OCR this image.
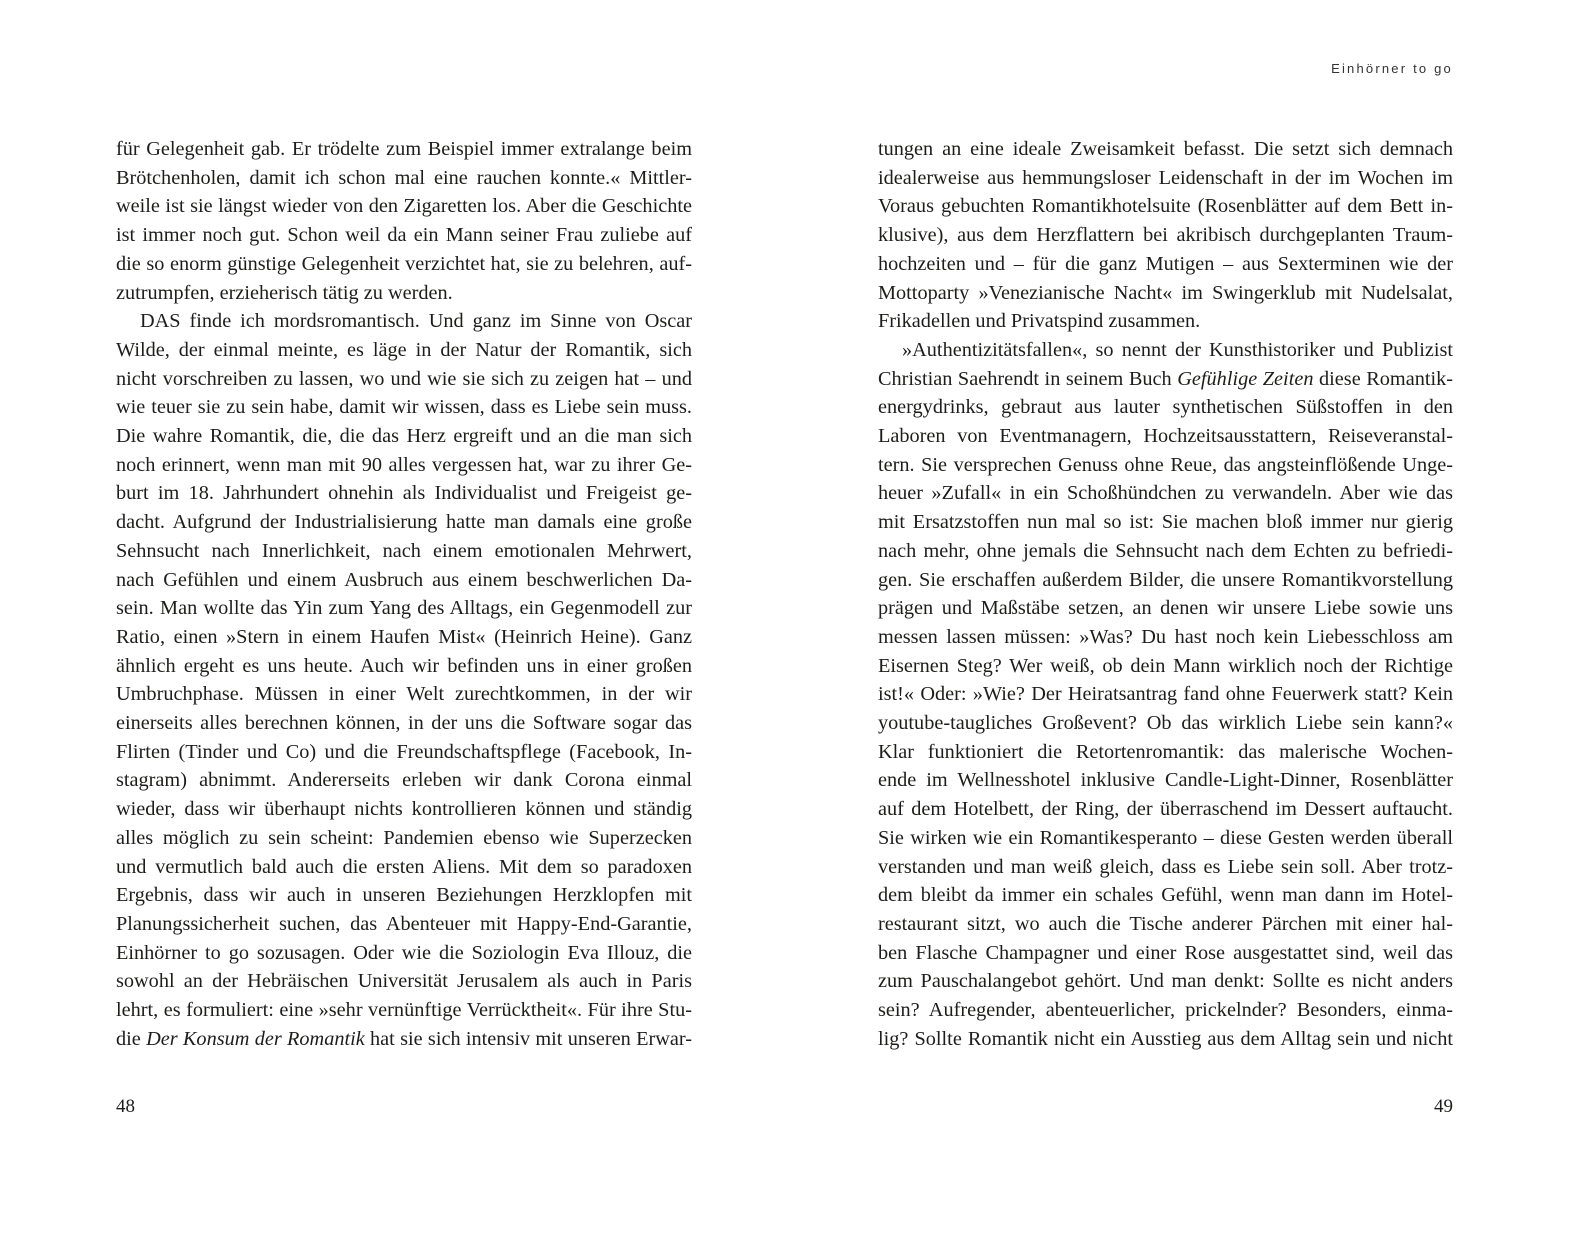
Einhörner to go
für Gelegenheit gab. Er trödelte zum Beispiel immer extralange beim
Brötchenholen, damit ich schon mal eine rauchen konnte.« Mittler-
weile ist sie längst wieder von den Zigaretten los. Aber die Geschichte
ist immer noch gut. Schon weil da ein Mann seiner Frau zuliebe auf
die so enorm günstige Gelegenheit verzichtet hat, sie zu belehren, auf-
zutrumpfen, erzieherisch tätig zu werden.
DAS finde ich mordsromantisch. Und ganz im Sinne von Oscar
Wilde, der einmal meinte, es läge in der Natur der Romantik, sich
nicht vorschreiben zu lassen, wo und wie sie sich zu zeigen hat – und
wie teuer sie zu sein habe, damit wir wissen, dass es Liebe sein muss.
Die wahre Romantik, die, die das Herz ergreift und an die man sich
noch erinnert, wenn man mit 90 alles vergessen hat, war zu ihrer Ge-
burt im 18. Jahrhundert ohnehin als Individualist und Freigeist ge-
dacht. Aufgrund der Industrialisierung hatte man damals eine große
Sehnsucht nach Innerlichkeit, nach einem emotionalen Mehrwert,
nach Gefühlen und einem Ausbruch aus einem beschwerlichen Da-
sein. Man wollte das Yin zum Yang des Alltags, ein Gegenmodell zur
Ratio, einen »Stern in einem Haufen Mist« (Heinrich Heine). Ganz
ähnlich ergeht es uns heute. Auch wir befinden uns in einer großen
Umbruchphase. Müssen in einer Welt zurechtkommen, in der wir
einerseits alles berechnen können, in der uns die Software sogar das
Flirten (Tinder und Co) und die Freundschaftspflege (Facebook, In-
stagram) abnimmt. Andererseits erleben wir dank Corona einmal
wieder, dass wir überhaupt nichts kontrollieren können und ständig
alles möglich zu sein scheint: Pandemien ebenso wie Superzecken
und vermutlich bald auch die ersten Aliens. Mit dem so paradoxen
Ergebnis, dass wir auch in unseren Beziehungen Herzklopfen mit
Planungssicherheit suchen, das Abenteuer mit Happy-End-Garantie,
Einhörner to go sozusagen. Oder wie die Soziologin Eva Illouz, die
sowohl an der Hebräischen Universität Jerusalem als auch in Paris
lehrt, es formuliert: eine »sehr vernünftige Verrücktheit«. Für ihre Stu-
die Der Konsum der Romantik hat sie sich intensiv mit unseren Erwar-
tungen an eine ideale Zweisamkeit befasst. Die setzt sich demnach
idealerweise aus hemmungsloser Leidenschaft in der im Wochen im
Voraus gebuchten Romantikhotelsuite (Rosenblätter auf dem Bett in-
klusive), aus dem Herzflattern bei akribisch durchgeplanten Traum-
hochzeiten und – für die ganz Mutigen – aus Sexterminen wie der
Mottoparty »Venezianische Nacht« im Swingerklub mit Nudelsalat,
Frikadellen und Privatspind zusammen.
»Authentizitätsfallen«, so nennt der Kunsthistoriker und Publizist
Christian Saehrendt in seinem Buch Gefühlige Zeiten diese Romantik-
energydrinks, gebraut aus lauter synthetischen Süßstoffen in den
Laboren von Eventmanagern, Hochzeitsausstattern, Reiseveranstal-
tern. Sie versprechen Genuss ohne Reue, das angsteinflößende Unge-
heuer »Zufall« in ein Schoßhündchen zu verwandeln. Aber wie das
mit Ersatzstoffen nun mal so ist: Sie machen bloß immer nur gierig
nach mehr, ohne jemals die Sehnsucht nach dem Echten zu befriedi-
gen. Sie erschaffen außerdem Bilder, die unsere Romantikvorstellung
prägen und Maßstäbe setzen, an denen wir unsere Liebe sowie uns
messen lassen müssen: »Was? Du hast noch kein Liebesschloss am
Eisernen Steg? Wer weiß, ob dein Mann wirklich noch der Richtige
ist!« Oder: »Wie? Der Heiratsantrag fand ohne Feuerwerk statt? Kein
youtube-taugliches Großevent? Ob das wirklich Liebe sein kann?«
Klar funktioniert die Retortenromantik: das malerische Wochen-
ende im Wellnesshotel inklusive Candle-Light-Dinner, Rosenblätter
auf dem Hotelbett, der Ring, der überraschend im Dessert auftaucht.
Sie wirken wie ein Romantikesperanto – diese Gesten werden überall
verstanden und man weiß gleich, dass es Liebe sein soll. Aber trotz-
dem bleibt da immer ein schales Gefühl, wenn man dann im Hotel-
restaurant sitzt, wo auch die Tische anderer Pärchen mit einer hal-
ben Flasche Champagner und einer Rose ausgestattet sind, weil das
zum Pauschalangebot gehört. Und man denkt: Sollte es nicht anders
sein? Aufregender, abenteuerlicher, prickelnder? Besonders, einma-
lig? Sollte Romantik nicht ein Ausstieg aus dem Alltag sein und nicht
48	49
